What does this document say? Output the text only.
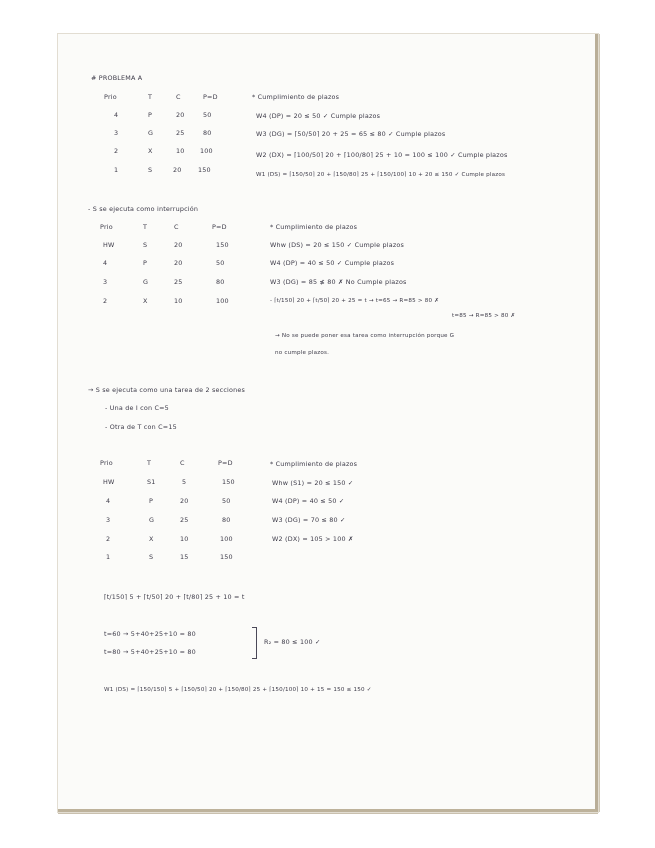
# PROBLEMA A
Prio	T	C	P=D
4	P	20	50
3	G	25	80
2	X	10 100
1	S	20	150
* Cumplimiento de plazos
W4 (DP) = 20 ≤ 50 ✓ Cumple plazos
W3 (DG) = ⌈50/50⌉ 20 + 25 = 65 ≤ 80 ✓ Cumple plazos
W2 (DX) = ⌈100/50⌉ 20 + ⌈100/80⌉ 25 + 10 = 100 ≤ 100 ✓ Cumple plazos
W1 (DS) = ⌈150/50⌉ 20 + ⌈150/80⌉ 25 + ⌈150/100⌉ 10 + 20 ≤ 150 ✓ Cumple plazos
- S se ejecuta como interrupción
Prio	T	C	P=D
HW	S	20	150
4	P	20	50
3	G	25	80
2	X	10	100
* Cumplimiento de plazos
Whw (DS) = 20 ≤ 150 ✓ Cumple plazos
W4 (DP) = 40 ≤ 50 ✓ Cumple plazos
W3 (DG) = 85 ≰ 80 ✗ No Cumple plazos
- ⌈t/150⌉ 20 + ⌈t/50⌉ 20 + 25 = t → t=65 → R=85 > 80 ✗
t=85 → R=85 > 80 ✗
→ No se puede poner esa tarea como interrupción porque G
no cumple plazos.
→ S se ejecuta como una tarea de 2 secciones
- Una de I con C=5
- Otra de T con C=15
Prio	T	C	P=D
HW	S1	5	150
4	P	20	50
3	G	25	80
2	X	10	100
1	S	15	150
* Cumplimiento de plazos
Whw (S1) = 20 ≤ 150 ✓
W4 (DP) = 40 ≤ 50 ✓
W3 (DG) = 70 ≤ 80 ✓
W2 (DX) = 105 > 100 ✗
⌈t/150⌉ 5 + ⌈t/50⌉ 20 + ⌈t/80⌉ 25 + 10 = t
t=60 → 5+40+25+10 = 80
t=80 → 5+40+25+10 = 80
R₂ = 80 ≤ 100 ✓
W1 (DS) = ⌈150/150⌉ 5 + ⌈150/50⌉ 20 + ⌈150/80⌉ 25 + ⌈150/100⌉ 10 + 15 = 150 ≤ 150 ✓
